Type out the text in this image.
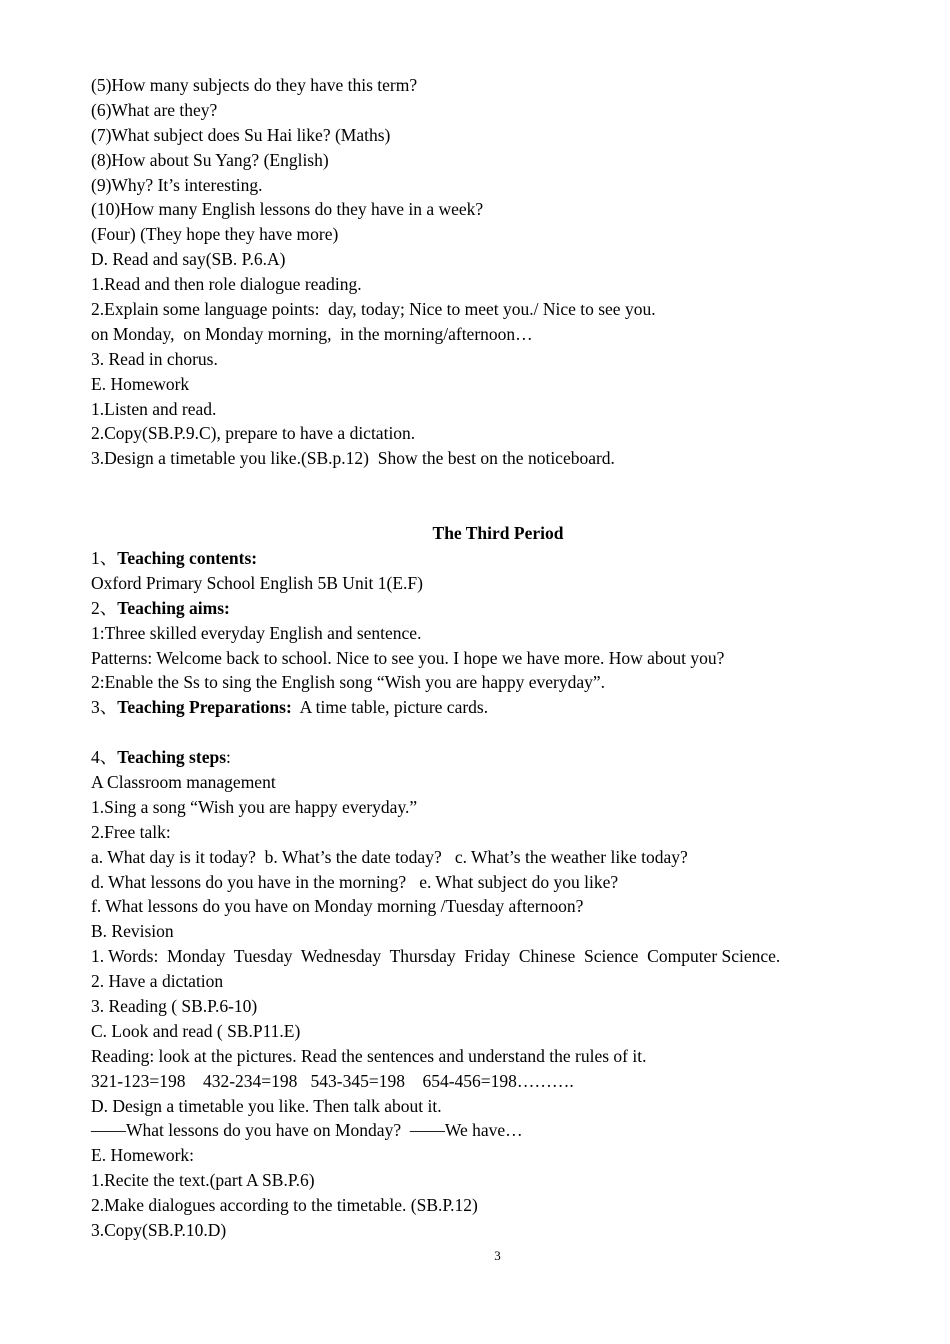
(5)How many subjects do they have this term?
(6)What are they?
(7)What subject does Su Hai like? (Maths)
(8)How about Su Yang? (English)
(9)Why? It’s interesting.
(10)How many English lessons do they have in a week?
(Four) (They hope they have more)
D. Read and say(SB. P.6.A)
1.Read and then role dialogue reading.
2.Explain some language points:  day, today; Nice to meet you./ Nice to see you.
on Monday,  on Monday morning,  in the morning/afternoon…
3. Read in chorus.
E. Homework
1.Listen and read.
2.Copy(SB.P.9.C), prepare to have a dictation.
3.Design a timetable you like.(SB.p.12)  Show the best on the noticeboard.
The Third Period
1、Teaching contents:
Oxford Primary School English 5B Unit 1(E.F)
2、Teaching aims:
1:Three skilled everyday English and sentence.
Patterns: Welcome back to school. Nice to see you. I hope we have more. How about you?
2:Enable the Ss to sing the English song “Wish you are happy everyday”.
3、Teaching Preparations:  A time table, picture cards.
4、Teaching steps:
A Classroom management
1.Sing a song “Wish you are happy everyday.”
2.Free talk:
a. What day is it today?  b. What’s the date today?   c. What’s the weather like today?
d. What lessons do you have in the morning?   e. What subject do you like?
f. What lessons do you have on Monday morning /Tuesday afternoon?
B. Revision
1. Words:  Monday  Tuesday  Wednesday  Thursday  Friday  Chinese  Science  Computer Science.
2. Have a dictation
3. Reading ( SB.P.6-10)
C. Look and read ( SB.P11.E)
Reading: look at the pictures. Read the sentences and understand the rules of it.
321-123=198    432-234=198   543-345=198    654-456=198……….
D. Design a timetable you like. Then talk about it.
——What lessons do you have on Monday?  ——We have…
E. Homework:
1.Recite the text.(part A SB.P.6)
2.Make dialogues according to the timetable. (SB.P.12)
3.Copy(SB.P.10.D)
3
